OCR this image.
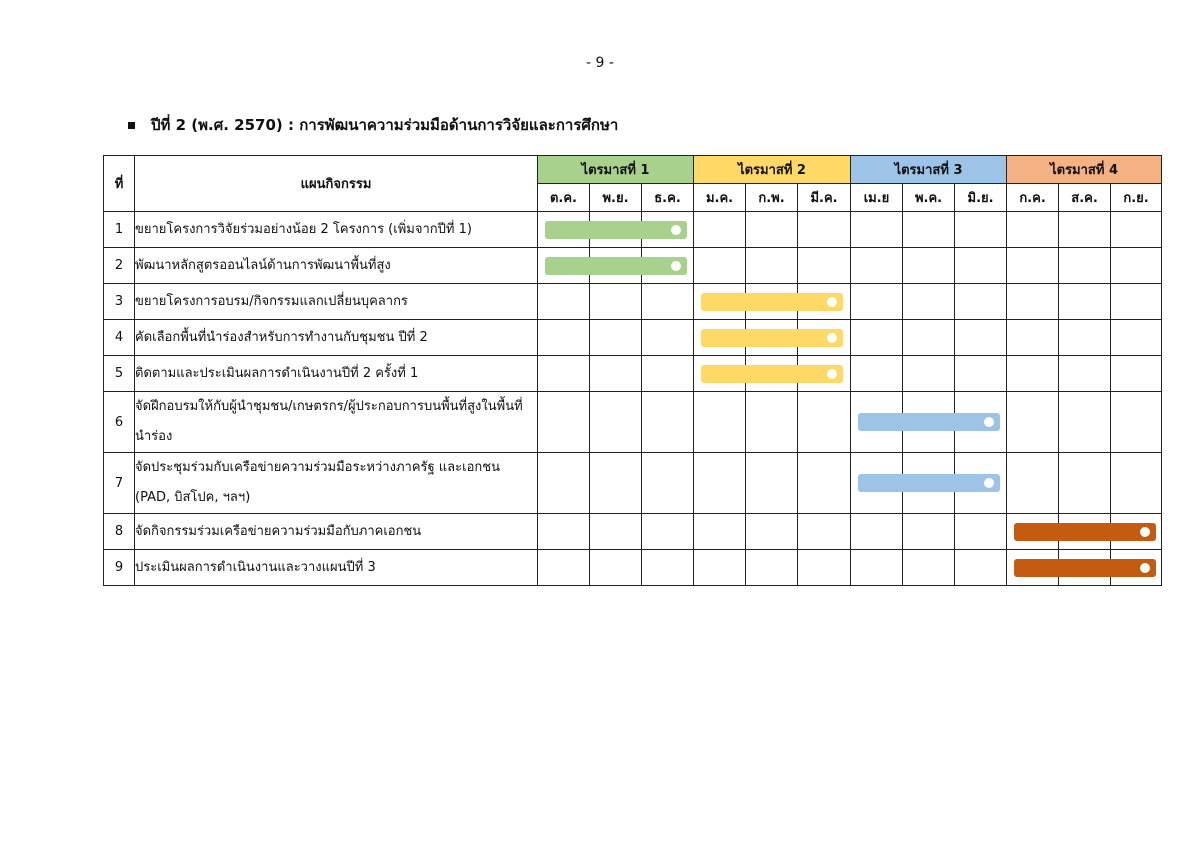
- 9 -
ปีที่ 2 (พ.ศ. 2570) : การพัฒนาความร่วมมือด้านการวิจัยและการศึกษา
ที่	แผนกิจกรรม	ไตรมาสที่ 1			ไตรมาสที่ 2			ไตรมาสที่ 3			ไตรมาสที่ 4		
		ต.ค.	พ.ย.	ธ.ค.	ม.ค.	ก.พ.	มี.ค.	เม.ย	พ.ค.	มิ.ย.	ก.ค.	ส.ค.	ก.ย.
1	ขยายโครงการวิจัยร่วมอย่างน้อย 2 โครงการ (เพิ่มจากปีที่ 1)	

2	พัฒนาหลักสูตรออนไลน์ด้านการพัฒนาพื้นที่สูง	

3	ขยายโครงการอบรม/กิจกรรมแลกเปลี่ยนบุคลากร				

4	คัดเลือกพื้นที่นำร่องสำหรับการทำงานกับชุมชน ปีที่ 2				

5	ติดตามและประเมินผลการดำเนินงานปีที่ 2 ครั้งที่ 1				

6	จัดฝึกอบรมให้กับผู้นำชุมชน/เกษตรกร/ผู้ประกอบการบนพื้นที่สูงในพื้นที่นำร่อง							

7	จัดประชุมร่วมกับเครือข่ายความร่วมมือระหว่างภาครัฐ และเอกชน (PAD, บิสโปค, ฯลฯ)							

8	จัดกิจกรรมร่วมเครือข่ายความร่วมมือกับภาคเอกชน										

9	ประเมินผลการดำเนินงานและวางแผนปีที่ 3										
